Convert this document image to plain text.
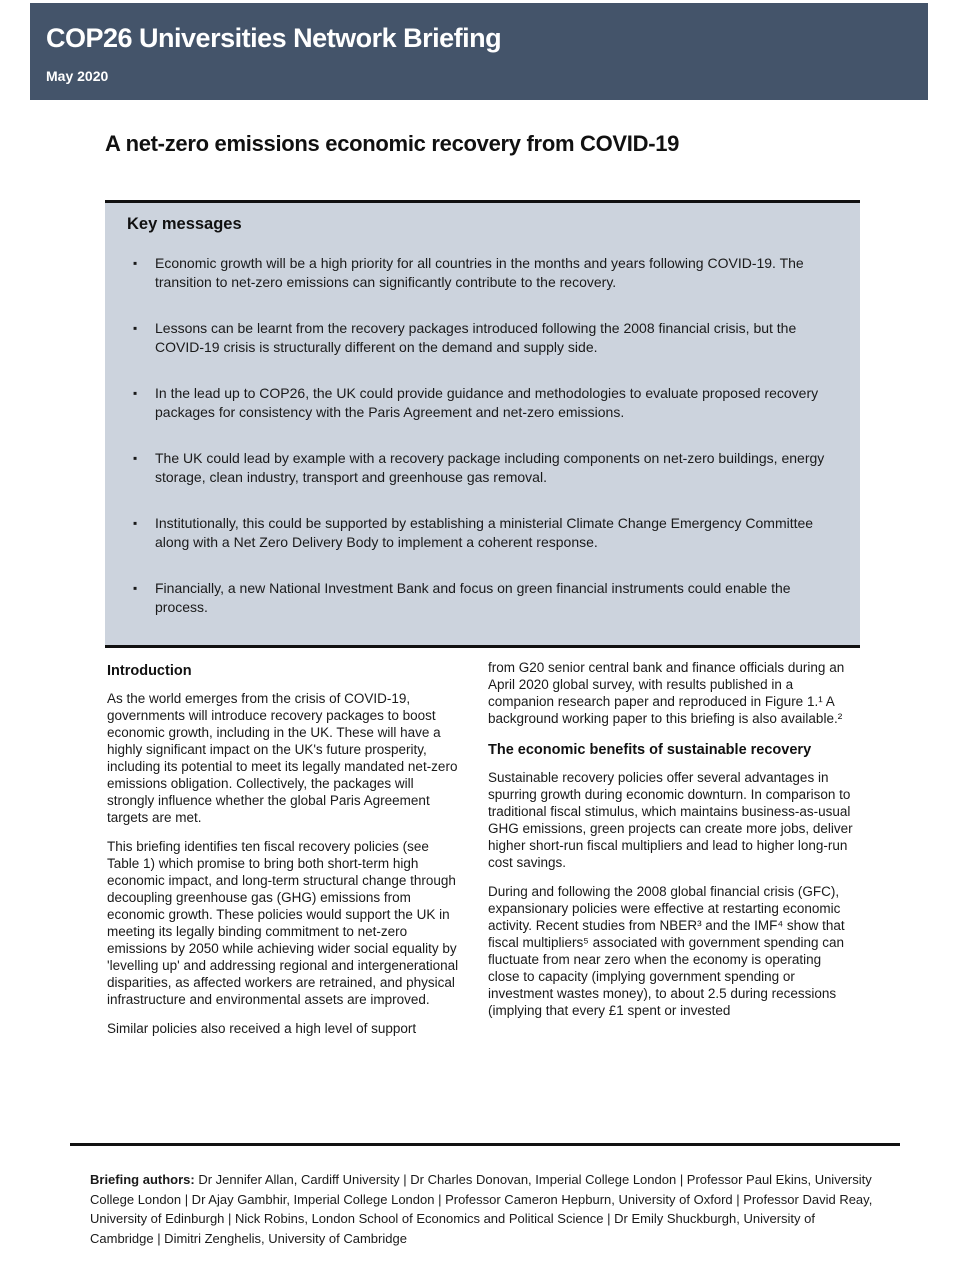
COP26 Universities Network Briefing
May 2020
A net-zero emissions economic recovery from COVID-19
Key messages
▪ Economic growth will be a high priority for all countries in the months and years following COVID-19. The transition to net-zero emissions can significantly contribute to the recovery.
▪ Lessons can be learnt from the recovery packages introduced following the 2008 financial crisis, but the COVID-19 crisis is structurally different on the demand and supply side.
▪ In the lead up to COP26, the UK could provide guidance and methodologies to evaluate proposed recovery packages for consistency with the Paris Agreement and net-zero emissions.
▪ The UK could lead by example with a recovery package including components on net-zero buildings, energy storage, clean industry, transport and greenhouse gas removal.
▪ Institutionally, this could be supported by establishing a ministerial Climate Change Emergency Committee along with a Net Zero Delivery Body to implement a coherent response.
▪ Financially, a new National Investment Bank and focus on green financial instruments could enable the process.
▪
Introduction

As the world emerges from the crisis of COVID-19, governments will introduce recovery packages to boost economic growth, including in the UK. These will have a highly significant impact on the UK's future prosperity, including its potential to meet its legally mandated net-zero emissions obligation. Collectively, the packages will strongly influence whether the global Paris Agreement targets are met.

This briefing identifies ten fiscal recovery policies (see Table 1) which promise to bring both short-term high economic impact, and long-term structural change through decoupling greenhouse gas (GHG) emissions from economic growth. These policies would support the UK in meeting its legally binding commitment to net-zero emissions by 2050 while achieving wider social equality by 'levelling up' and addressing regional and intergenerational disparities, as affected workers are retrained, and physical infrastructure and environmental assets are improved.

Similar policies also received a high level of support

from G20 senior central bank and finance officials during an April 2020 global survey, with results published in a companion research paper and reproduced in Figure 1.¹ A background working paper to this briefing is also available.²

The economic benefits of sustainable recovery

Sustainable recovery policies offer several advantages in spurring growth during economic downturn. In comparison to traditional fiscal stimulus, which maintains business-as-usual GHG emissions, green projects can create more jobs, deliver higher short-run fiscal multipliers and lead to higher long-run cost savings.

During and following the 2008 global financial crisis (GFC), expansionary policies were effective at restarting economic activity. Recent studies from NBER³ and the IMF⁴ show that fiscal multipliers⁵ associated with government spending can fluctuate from near zero when the economy is operating close to capacity (implying government spending or investment wastes money), to about 2.5 during recessions (implying that every £1 spent or invested

Briefing authors: Dr Jennifer Allan, Cardiff University | Dr Charles Donovan, Imperial College London | Professor Paul Ekins, University College London | Dr Ajay Gambhir, Imperial College London | Professor Cameron Hepburn, University of Oxford | Professor David Reay, University of Edinburgh | Nick Robins, London School of Economics and Political Science | Dr Emily Shuckburgh, University of Cambridge | Dimitri Zenghelis, University of Cambridge
